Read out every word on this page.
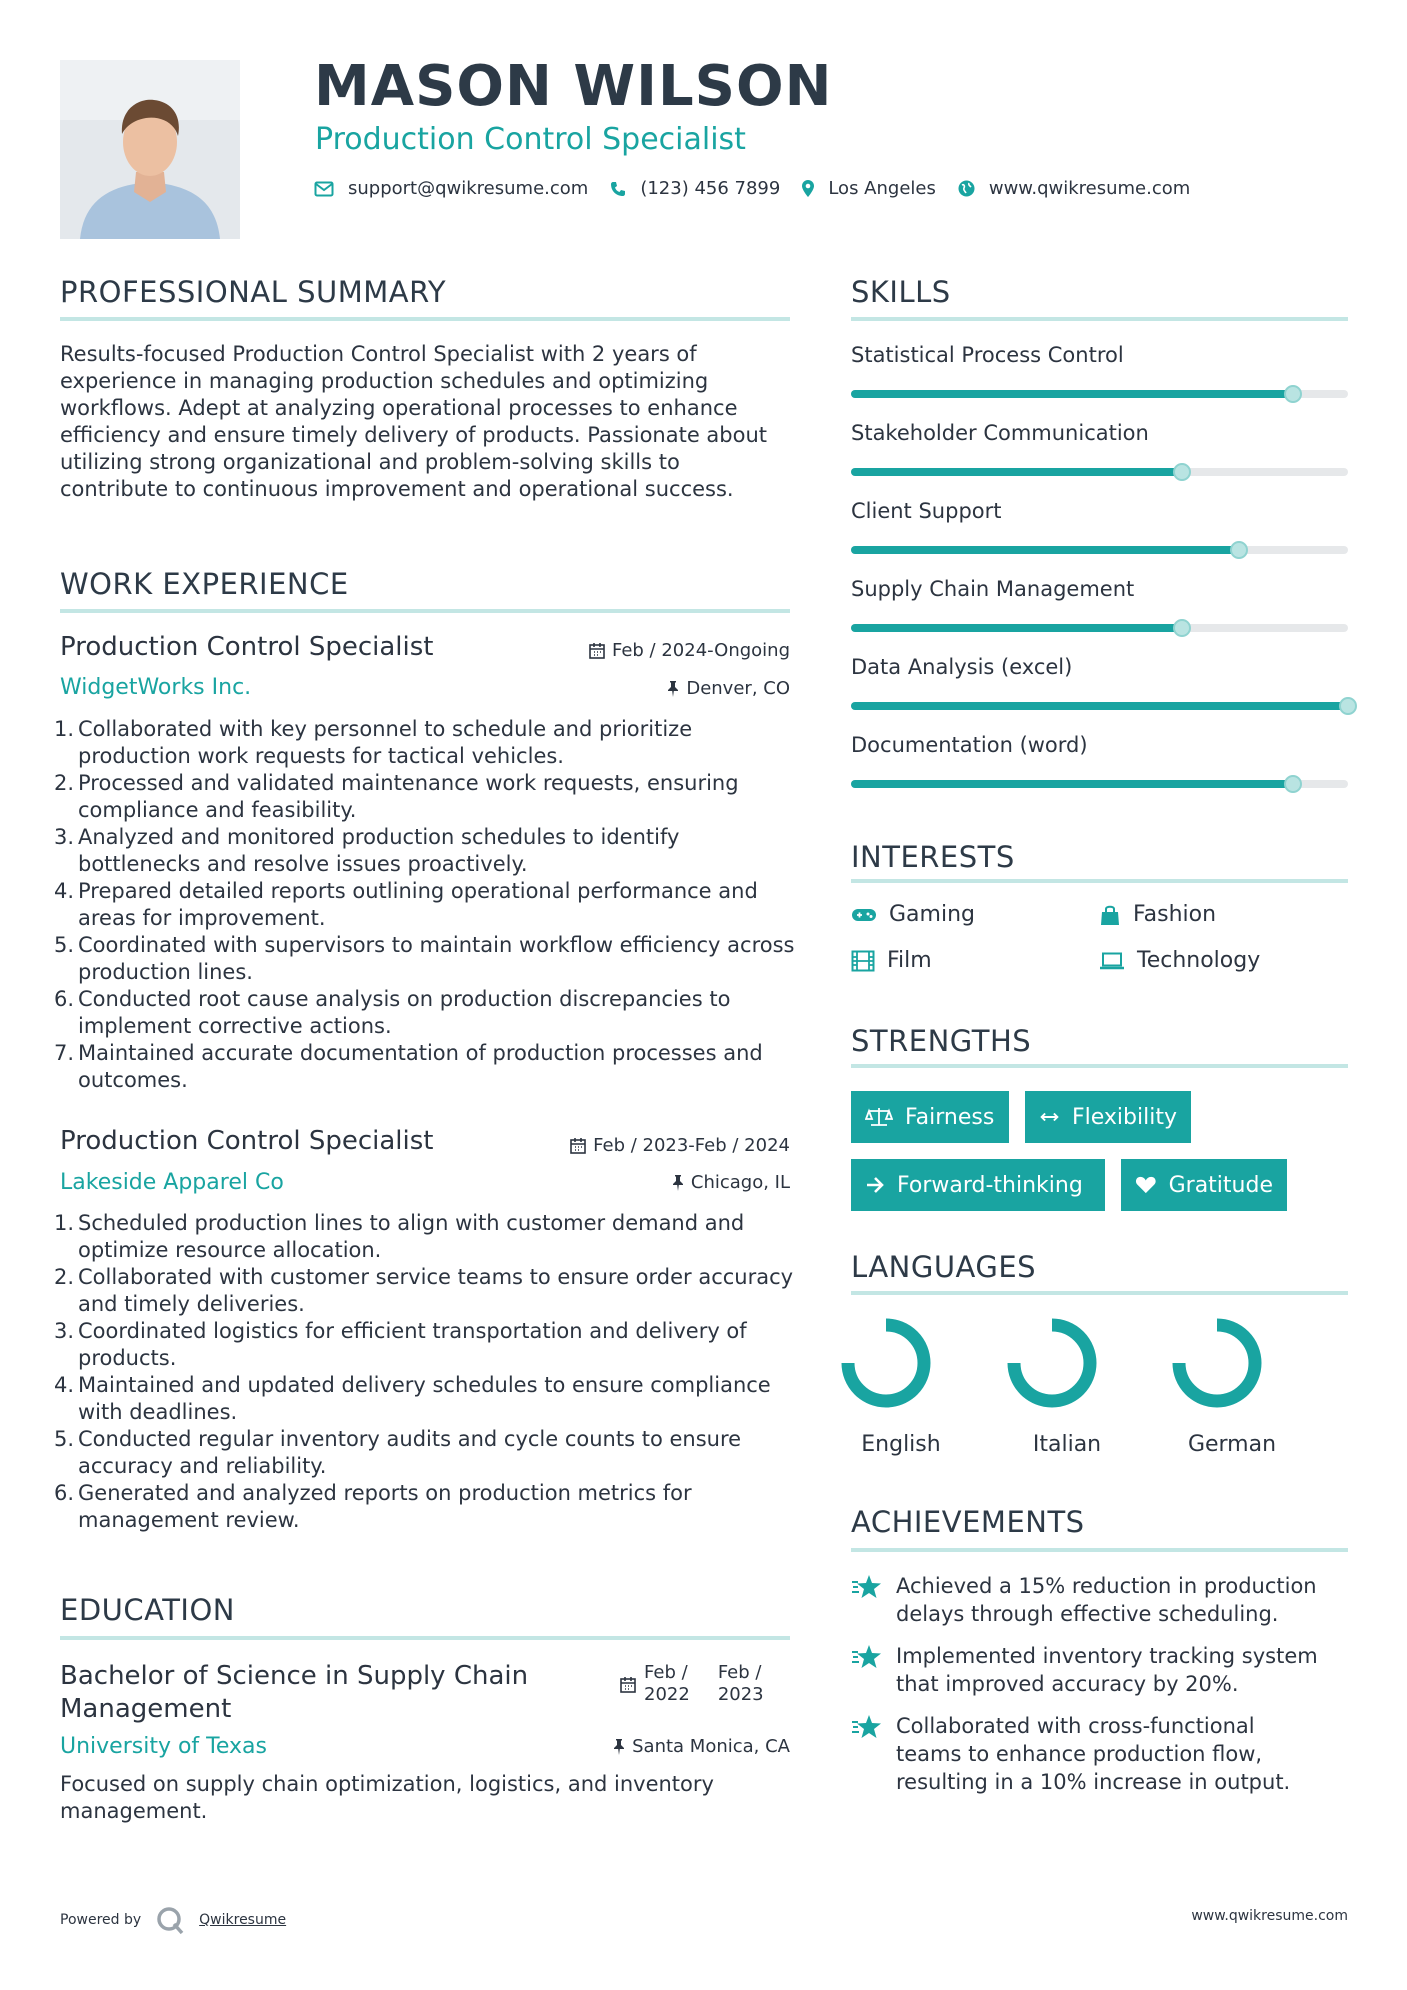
MASON WILSON
Production Control Specialist
support@qwikresume.com	(123) 456 7899	Los Angeles	www.qwikresume.com
PROFESSIONAL SUMMARY
Results-focused Production Control Specialist with 2 years of experience in managing production schedules and optimizing workflows. Adept at analyzing operational processes to enhance efficiency and ensure timely delivery of products. Passionate about utilizing strong organizational and problem-solving skills to contribute to continuous improvement and operational success.
WORK EXPERIENCE
Production Control Specialist	Feb / 2024-Ongoing
WidgetWorks Inc.	Denver, CO
1. Collaborated with key personnel to schedule and prioritize production work requests for tactical vehicles.
2. Processed and validated maintenance work requests, ensuring compliance and feasibility.
3. Analyzed and monitored production schedules to identify bottlenecks and resolve issues proactively.
4. Prepared detailed reports outlining operational performance and areas for improvement.
5. Coordinated with supervisors to maintain workflow efficiency across production lines.
6. Conducted root cause analysis on production discrepancies to implement corrective actions.
7. Maintained accurate documentation of production processes and outcomes.
Production Control Specialist	Feb / 2023-Feb / 2024
Lakeside Apparel Co	Chicago, IL
1. Scheduled production lines to align with customer demand and optimize resource allocation.
2. Collaborated with customer service teams to ensure order accuracy and timely deliveries.
3. Coordinated logistics for efficient transportation and delivery of products.
4. Maintained and updated delivery schedules to ensure compliance with deadlines.
5. Conducted regular inventory audits and cycle counts to ensure accuracy and reliability.
6. Generated and analyzed reports on production metrics for management review.
EDUCATION
Bachelor of Science in Supply Chain
Management
Feb /
2022
Feb /
2023
University of Texas	Santa Monica, CA
Focused on supply chain optimization, logistics, and inventory management.
SKILLS
Statistical Process Control
Stakeholder Communication
Client Support
Supply Chain Management
Data Analysis (excel)
Documentation (word)
INTERESTS
Gaming	Fashion
Film	Technology
STRENGTHS
Fairness	Flexibility
Forward-thinking	Gratitude
LANGUAGES
English	Italian	German
ACHIEVEMENTS
Achieved a 15% reduction in production
delays through effective scheduling.
Implemented inventory tracking system
that improved accuracy by 20%.
Collaborated with cross-functional
teams to enhance production flow,
resulting in a 10% increase in output.
Powered by	Qwikresume	www.qwikresume.com
